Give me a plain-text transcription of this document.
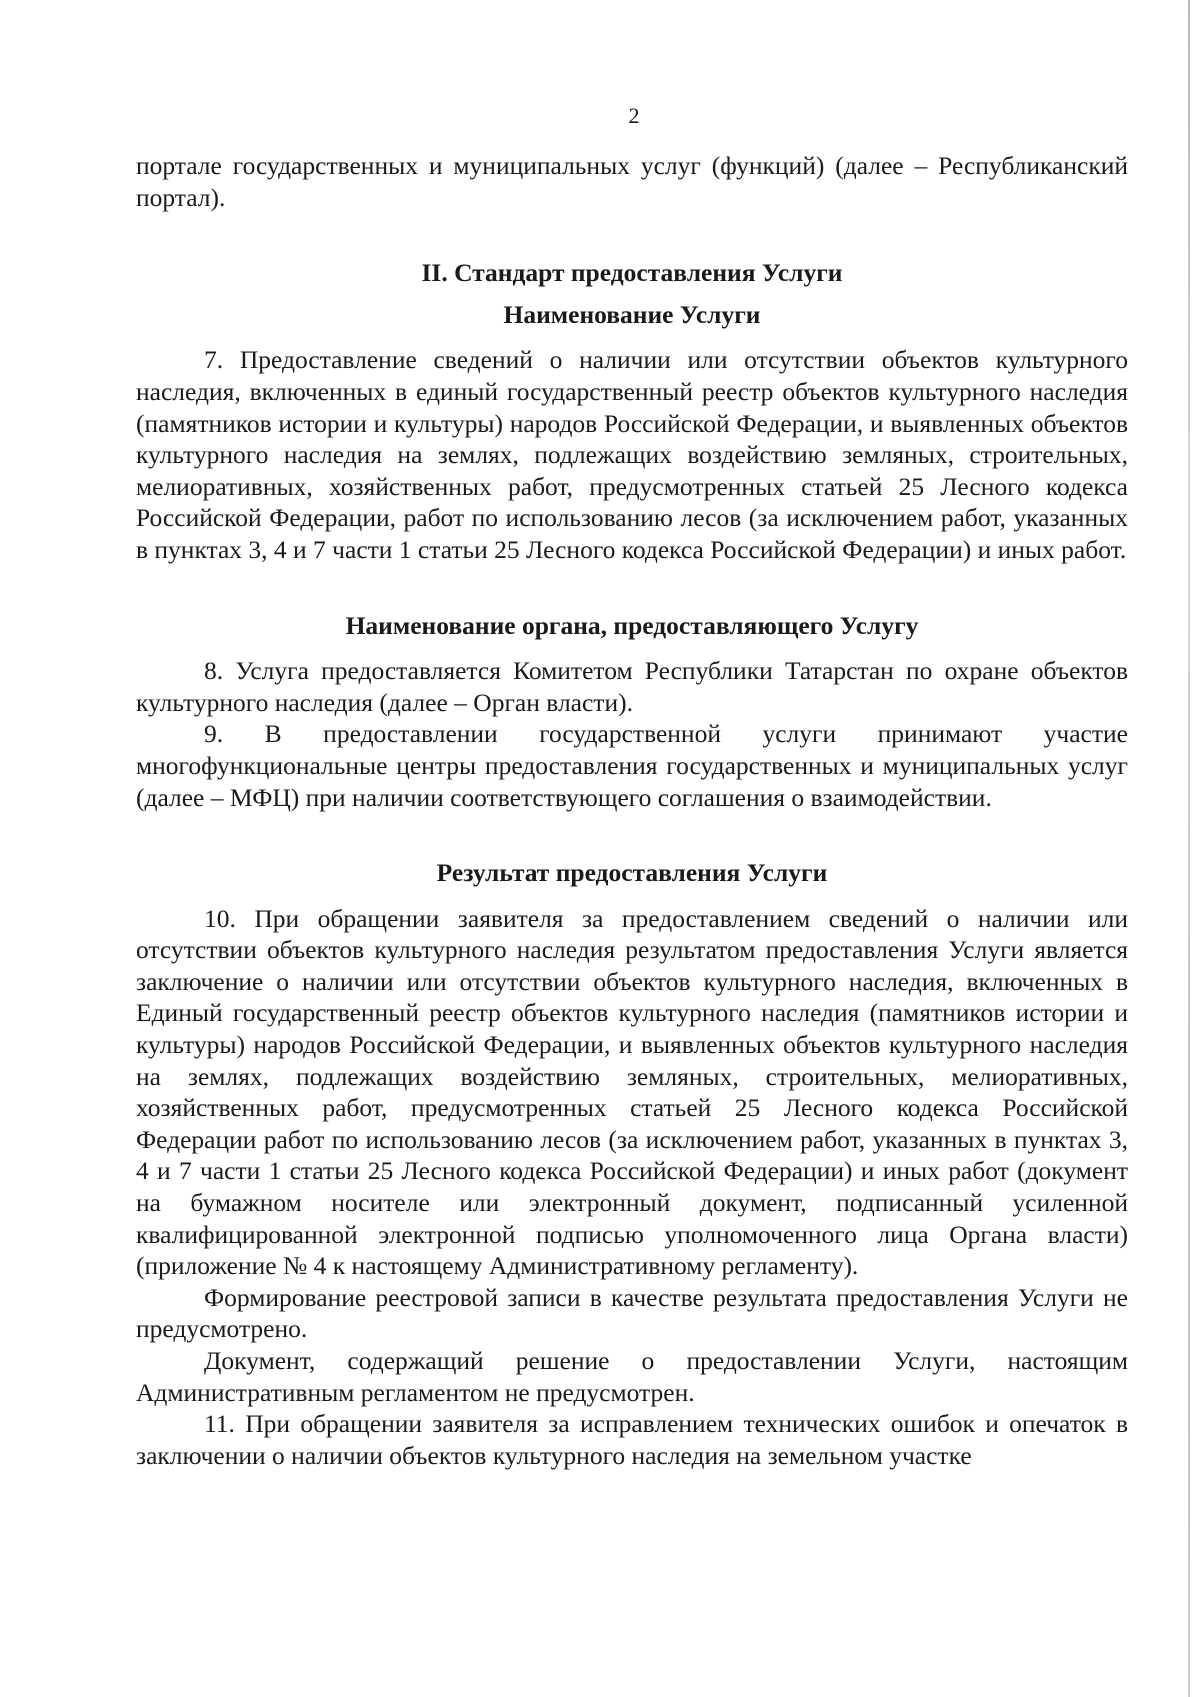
2

порталe государственных и муниципальных услуг (функций) (далее – Республиканский портал).

II. Стандарт предоставления Услуги

Наименование Услуги

7. Предоставление сведений о наличии или отсутствии объектов культурного наследия, включенных в единый государственный реестр объектов культурного наследия (памятников истории и культуры) народов Российской Федерации, и выявленных объектов культурного наследия на землях, подлежащих воздействию земляных, строительных, мелиоративных, хозяйственных работ, предусмотренных статьей 25 Лесного кодекса Российской Федерации, работ по использованию лесов (за исключением работ, указанных в пунктах 3, 4 и 7 части 1 статьи 25 Лесного кодекса Российской Федерации) и иных работ.

Наименование органа, предоставляющего Услугу

8. Услуга предоставляется Комитетом Республики Татарстан по охране объектов культурного наследия (далее – Орган власти).

9. В предоставлении государственной услуги принимают участие многофункциональные центры предоставления государственных и муниципальных услуг (далее – МФЦ) при наличии соответствующего соглашения о взаимодействии.

Результат предоставления Услуги

10. При обращении заявителя за предоставлением сведений о наличии или отсутствии объектов культурного наследия результатом предоставления Услуги является заключение о наличии или отсутствии объектов культурного наследия, включенных в Единый государственный реестр объектов культурного наследия (памятников истории и культуры) народов Российской Федерации, и выявленных объектов культурного наследия на землях, подлежащих воздействию земляных, строительных, мелиоративных, хозяйственных работ, предусмотренных статьей 25 Лесного кодекса Российской Федерации работ по использованию лесов (за исключением работ, указанных в пунктах 3, 4 и 7 части 1 статьи 25 Лесного кодекса Российской Федерации) и иных работ (документ на бумажном носителе или электронный документ, подписанный усиленной квалифицированной электронной подписью уполномоченного лица Органа власти) (приложение № 4 к настоящему Административному регламенту).

Формирование реестровой записи в качестве результата предоставления Услуги не предусмотрено.

Документ, содержащий решение о предоставлении Услуги, настоящим Административным регламентом не предусмотрен.

11. При обращении заявителя за исправлением технических ошибок и опечаток в заключении о наличии объектов культурного наследия на земельном участке
